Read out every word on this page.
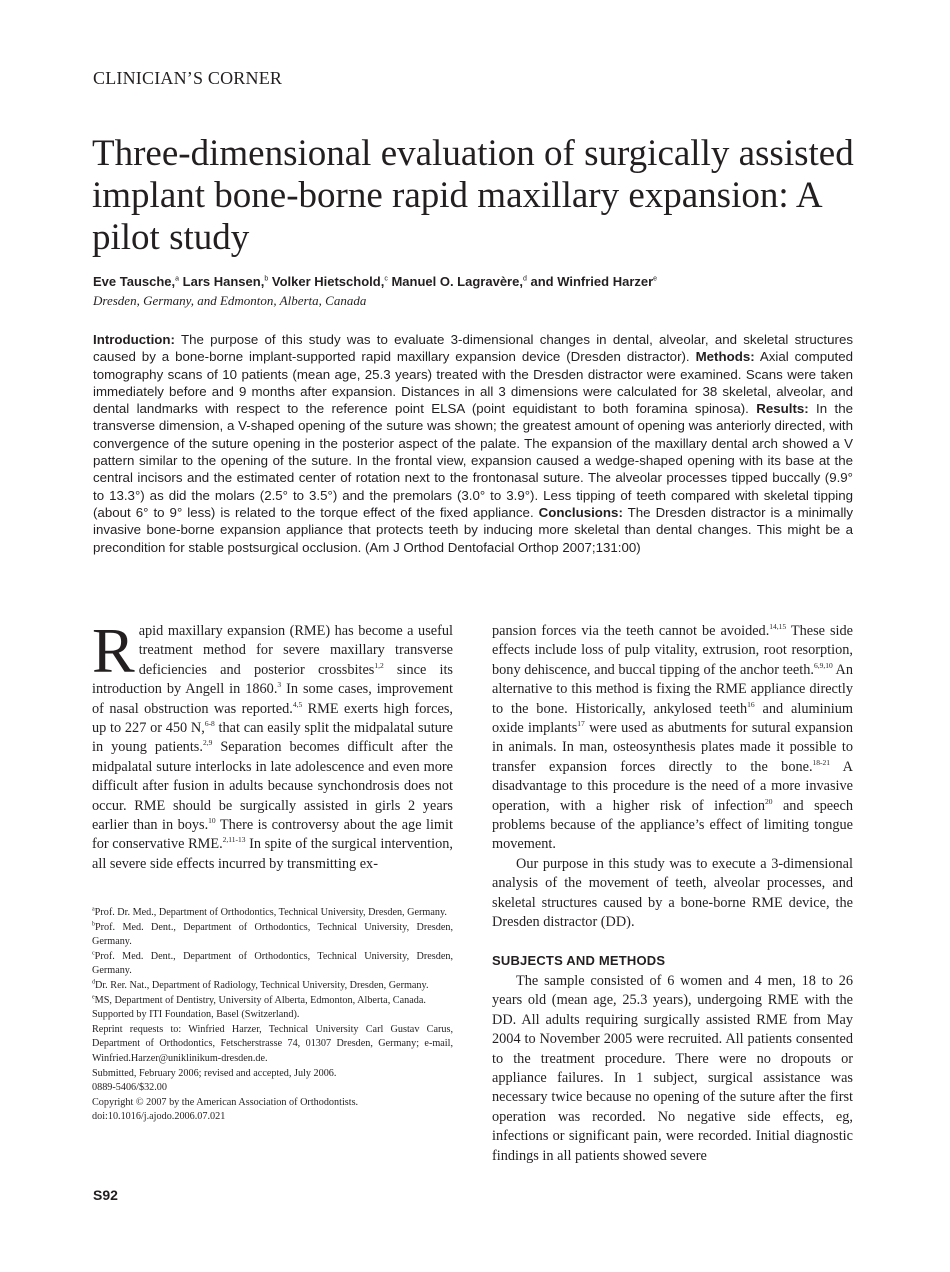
CLINICIAN’S CORNER
Three-dimensional evaluation of surgically assisted implant bone-borne rapid maxillary expansion: A pilot study
Eve Tausche,$^a$ Lars Hansen,$^b$ Volker Hietschold,$^c$ Manuel O. Lagravère,$^d$ and Winfried Harzer$^e$
Dresden, Germany, and Edmonton, Alberta, Canada

Introduction: The purpose of this study was to evaluate 3-dimensional changes in dental, alveolar, and skeletal structures caused by a bone-borne implant-supported rapid maxillary expansion device (Dresden distractor). Methods: Axial computed tomography scans of 10 patients (mean age, 25.3 years) treated with the Dresden distractor were examined. Scans were taken immediately before and 9 months after expansion. Distances in all 3 dimensions were calculated for 38 skeletal, alveolar, and dental landmarks with respect to the reference point ELSA (point equidistant to both foramina spinosa). Results: In the transverse dimension, a V-shaped opening of the suture was shown; the greatest amount of opening was anteriorly directed, with convergence of the suture opening in the posterior aspect of the palate. The expansion of the maxillary dental arch showed a V pattern similar to the opening of the suture. In the frontal view, expansion caused a wedge-shaped opening with its base at the central incisors and the estimated center of rotation next to the frontonasal suture. The alveolar processes tipped buccally (9.9° to 13.3°) as did the molars (2.5° to 3.5°) and the premolars (3.0° to 3.9°). Less tipping of teeth compared with skeletal tipping (about 6° to 9° less) is related to the torque effect of the fixed appliance. Conclusions: The Dresden distractor is a minimally invasive bone-borne expansion appliance that protects teeth by inducing more skeletal than dental changes. This might be a precondition for stable postsurgical occlusion. (Am J Orthod Dentofacial Orthop 2007;131:00)

Rapid maxillary expansion (RME) has become a useful treatment method for severe maxillary transverse deficiencies and posterior crossbites$^{1,2}$ since its introduction by Angell in 1860.$^3$ In some cases, improvement of nasal obstruction was reported.$^{4,5}$ RME exerts high forces, up to 227 or 450 N,$^{6-8}$ that can easily split the midpalatal suture in young patients.$^{2,9}$ Separation becomes difficult after the midpalatal suture interlocks in late adolescence and even more difficult after fusion in adults because synchondrosis does not occur. RME should be surgically assisted in girls 2 years earlier than in boys.$^{10}$ There is controversy about the age limit for conservative RME.$^{2,11-13}$ In spite of the surgical intervention, all severe side effects incurred by transmitting ex-

$^a$Prof. Dr. Med., Department of Orthodontics, Technical University, Dresden, Germany.

$^b$Prof. Med. Dent., Department of Orthodontics, Technical University, Dresden, Germany.

$^c$Prof. Med. Dent., Department of Orthodontics, Technical University, Dresden, Germany.

$^d$Dr. Rer. Nat., Department of Radiology, Technical University, Dresden, Germany.

$^e$MS, Department of Dentistry, University of Alberta, Edmonton, Alberta, Canada.

Supported by ITI Foundation, Basel (Switzerland).

Reprint requests to: Winfried Harzer, Technical University Carl Gustav Carus, Department of Orthodontics, Fetscherstrasse 74, 01307 Dresden, Germany; e-mail, Winfried.Harzer@uniklinikum-dresden.de.

Submitted, February 2006; revised and accepted, July 2006.

0889-5406/$32.00

Copyright © 2007 by the American Association of Orthodontists.

doi:10.1016/j.ajodo.2006.07.021

pansion forces via the teeth cannot be avoided.$^{14,15}$ These side effects include loss of pulp vitality, extrusion, root resorption, bony dehiscence, and buccal tipping of the anchor teeth.$^{6,9,10}$ An alternative to this method is fixing the RME appliance directly to the bone. Historically, ankylosed teeth$^{16}$ and aluminium oxide implants$^{17}$ were used as abutments for sutural expansion in animals. In man, osteosynthesis plates made it possible to transfer expansion forces directly to the bone.$^{18-21}$ A disadvantage to this procedure is the need of a more invasive operation, with a higher risk of infection$^{20}$ and speech problems because of the appliance’s effect of limiting tongue movement.

Our purpose in this study was to execute a 3-dimensional analysis of the movement of teeth, alveolar processes, and skeletal structures caused by a bone-borne RME device, the Dresden distractor (DD).

SUBJECTS AND METHODS

The sample consisted of 6 women and 4 men, 18 to 26 years old (mean age, 25.3 years), undergoing RME with the DD. All adults requiring surgically assisted RME from May 2004 to November 2005 were recruited. All patients consented to the treatment procedure. There were no dropouts or appliance failures. In 1 subject, surgical assistance was necessary twice because no opening of the suture after the first operation was recorded. No negative side effects, eg, infections or significant pain, were recorded. Initial diagnostic findings in all patients showed severe

S92
